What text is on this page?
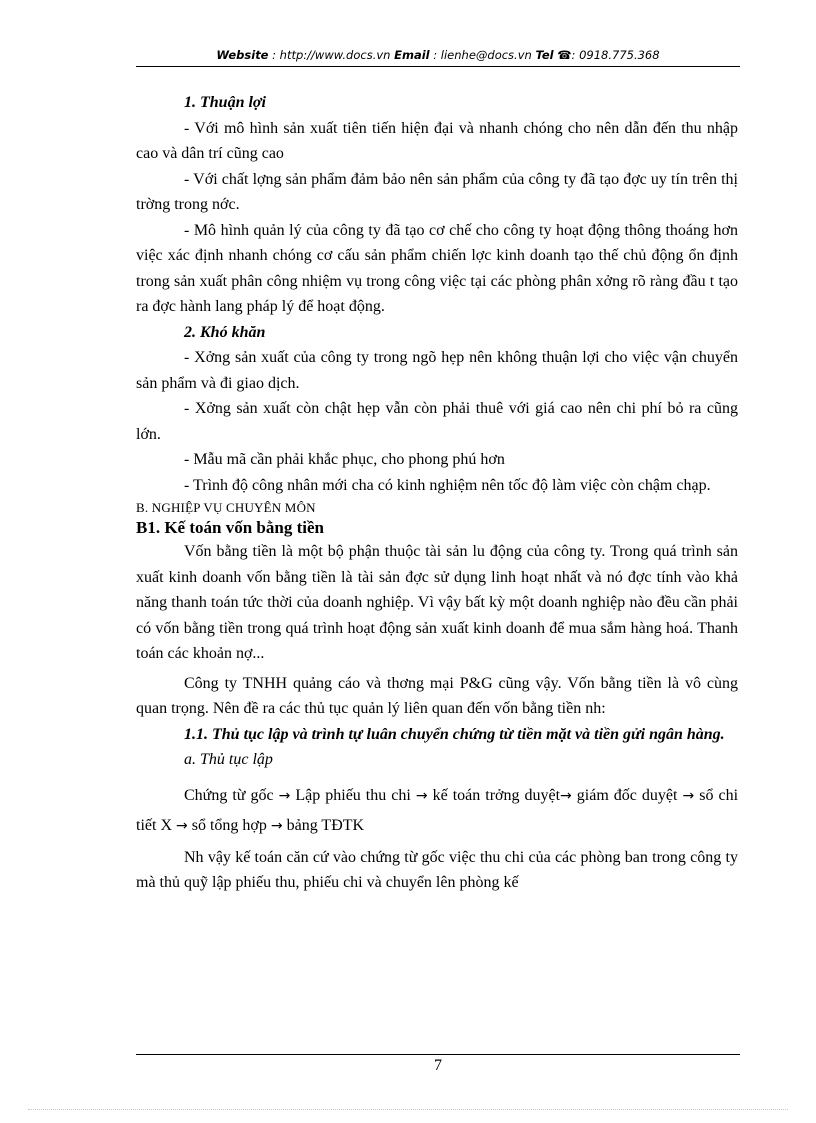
Website : http://www.docs.vn Email : lienhe@docs.vn Tel ☎: 0918.775.368

1. Thuận lợi

- Với mô hình sản xuất tiên tiến hiện đại và nhanh chóng cho nên dẫn đến thu nhập cao và dân trí cũng cao

- Với chất lợng sản phẩm đảm bảo nên sản phẩm của công ty đã tạo đợc uy tín trên thị trờng trong nớc.

- Mô hình quản lý của công ty đã tạo cơ chế cho công ty hoạt động thông thoáng hơn việc xác định nhanh chóng cơ cấu sản phẩm chiến lợc kinh doanh tạo thế chủ động ổn định trong sản xuất phân công nhiệm vụ trong công việc tại các phòng phân xởng rõ ràng đầu t tạo ra đợc hành lang pháp lý để hoạt động.

2. Khó khăn

- Xởng sản xuất của công ty trong ngõ hẹp nên không thuận lợi cho việc vận chuyển sản phẩm và đi giao dịch.

- Xởng sản xuất còn chật hẹp vẫn còn phải thuê với giá cao nên chi phí bỏ ra cũng lớn.

- Mẫu mã cần phải khắc phục, cho phong phú hơn

- Trình độ công nhân mới cha có kinh nghiệm nên tốc độ làm việc còn chậm chạp.

B. NGHIỆP VỤ CHUYÊN MÔN

B1. Kế toán vốn bằng tiền

Vốn bằng tiền là một bộ phận thuộc tài sản lu động của công ty. Trong quá trình sản xuất kinh doanh vốn bằng tiền là tài sản đợc sử dụng linh hoạt nhất và nó đợc tính vào khả năng thanh toán tức thời của doanh nghiệp. Vì vậy bất kỳ một doanh nghiệp nào đều cần phải có vốn bằng tiền trong quá trình hoạt động sản xuất kinh doanh để mua sắm hàng hoá. Thanh toán các khoản nợ...

Công ty TNHH quảng cáo và thơng mại P&G cũng vậy. Vốn bằng tiền là vô cùng quan trọng. Nên đề ra các thủ tục quản lý liên quan đến vốn bằng tiền nh:

1.1. Thủ tục lập và trình tự luân chuyển chứng từ tiền mặt và tiền gửi ngân hàng.

a. Thủ tục lập

Chứng từ gốc → Lập phiếu thu chi → kế toán trởng duyệt→ giám đốc duyệt → sổ chi tiết X → sổ tổng hợp → bảng TĐTK

Nh vậy kế toán căn cứ vào chứng từ gốc việc thu chi của các phòng ban trong công ty mà thủ quỹ lập phiếu thu, phiếu chi và chuyển lên phòng kế

7
